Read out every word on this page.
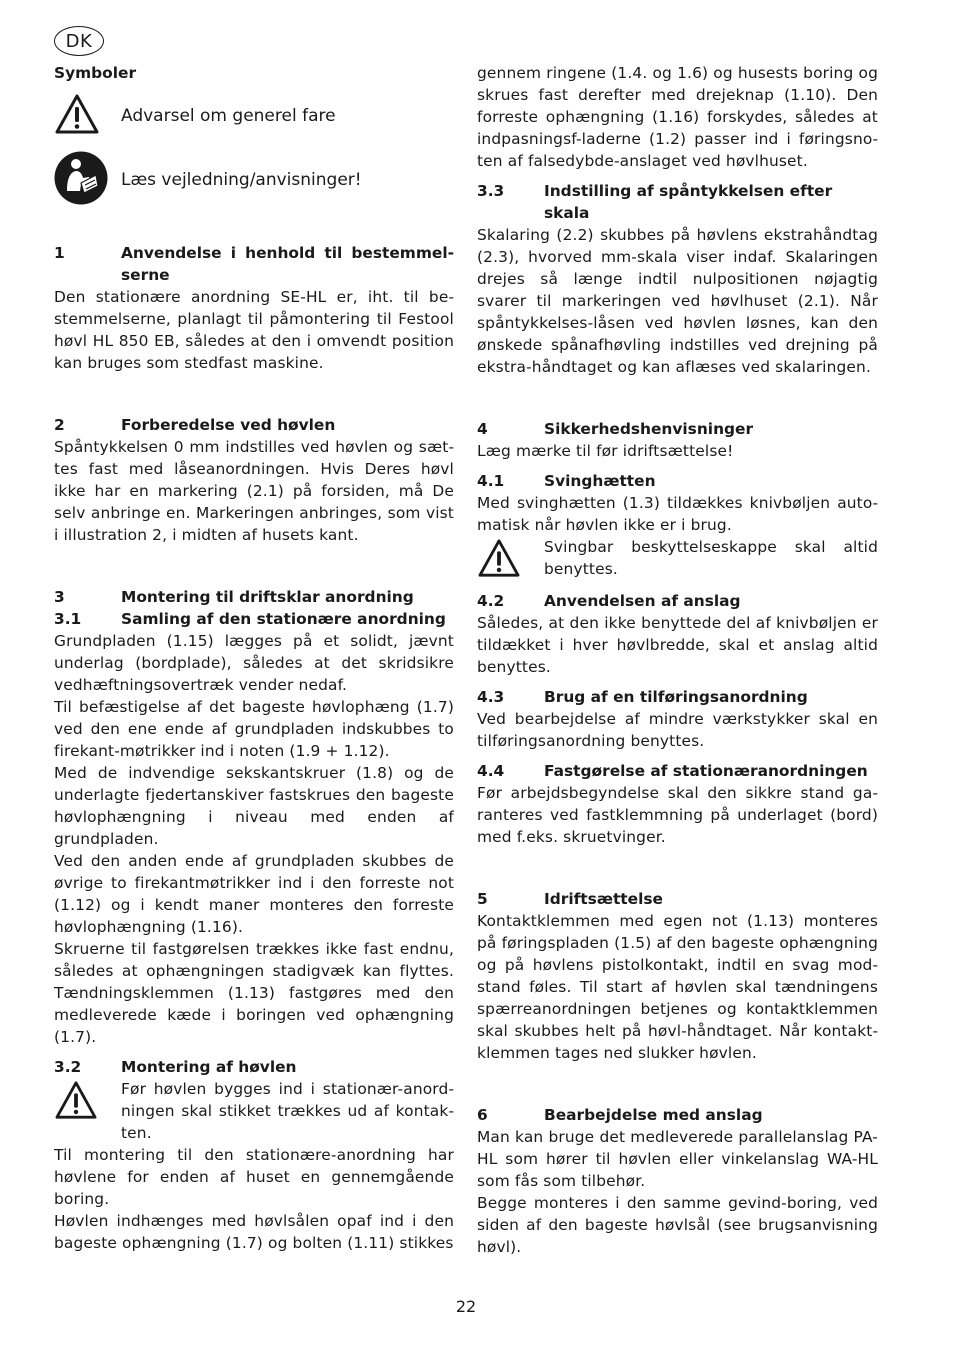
DK

Symboler

Advarsel om generel fare
Læs vejledning/anvisninger!
1	Anvendelse i henhold til bestemmelserne

Den stationære anordning SE-HL er, iht. til bestemmelserne, planlagt til påmontering til Festool høvl HL 850 EB, således at den i omvendt position kan bruges som stedfast maskine.

2	Forberedelse ved høvlen

Spåntykkelsen 0 mm indstilles ved høvlen og sættes fast med låseanordningen. Hvis Deres høvl ikke har en markering (2.1) på forsiden, må De selv anbringe en. Markeringen anbringes, som vist i illustration 2, i midten af husets kant.

3	Montering til driftsklar anordning
3.1	Samling af den stationære anordning

Grundpladen (1.15) lægges på et solidt, jævnt underlag (bordplade), således at det skridsikre vedhæftningsovertræk vender nedaf.

Til befæstigelse af det bageste høvlophæng (1.7) ved den ene ende af grundpladen indskubbes to firekant-møtrikker ind i noten (1.9 + 1.12).

Med de indvendige sekskantskruer (1.8) og de underlagte fjedertanskiver fastskrues den bageste høvlophængning i niveau med enden af grundpladen.

Ved den anden ende af grundpladen skubbes de øvrige to firekantmøtrikker ind i den forreste not (1.12) og i kendt maner monteres den forreste høvlophængning (1.16).

Skruerne til fastgørelsen trækkes ikke fast endnu, således at ophængningen stadigvæk kan flyttes. Tændningsklemmen (1.13) fastgøres med den medleverede kæde i boringen ved ophængning (1.7).

3.2	Montering af høvlen

Før høvlen bygges ind i stationær-anordningen skal stikket trækkes ud af kontakten.

Til montering til den stationære-anordning har høvlene for enden af huset en gennemgående boring.

Høvlen indhænges med høvlsålen opaf ind i den bageste ophængning (1.7) og bolten (1.11) stikkes

gennem ringene (1.4. og 1.6) og husests boring og skrues fast derefter med drejeknap (1.10). Den forreste ophængning (1.16) forskydes, således at indpasningsf-laderne (1.2) passer ind i føringsnoten af falsedybde-anslaget ved høvlhuset.

3.3	Indstilling af spåntykkelsen efter skala

Skalaring (2.2) skubbes på høvlens ekstrahåndtag (2.3), hvorved mm-skala viser indaf. Skalaringen drejes så længe indtil nulpositionen nøjagtig svarer til markeringen ved høvlhuset (2.1). Når spåntykkelses-låsen ved høvlen løsnes, kan den ønskede spånafhøvling indstilles ved drejning på ekstra-håndtaget og kan aflæses ved skalaringen.

4	Sikkerhedshenvisninger

Læg mærke til før idriftsættelse!

4.1	Svinghætten

Med svinghætten (1.3) tildækkes knivbøljen automatisk når høvlen ikke er i brug.

Svingbar beskyttelseskappe skal altid benyttes.

4.2	Anvendelsen af anslag

Således, at den ikke benyttede del af knivbøljen er tildækket i hver høvlbredde, skal et anslag altid benyttes.

4.3	Brug af en tilføringsanordning

Ved bearbejdelse af mindre værkstykker skal en tilføringsanordning benyttes.

4.4	Fastgørelse af stationæranordningen

Før arbejdsbegyndelse skal den sikkre stand garanteres ved fastklemmning på underlaget (bord) med f.eks. skruetvinger.

5	Idriftsættelse

Kontaktklemmen med egen not (1.13) monteres på føringspladen (1.5) af den bageste ophængning og på høvlens pistolkontakt, indtil en svag modstand føles. Til start af høvlen skal tændningens spærreanordningen betjenes og kontaktklemmen skal skubbes helt på høvl-håndtaget. Når kontaktklemmen tages ned slukker høvlen.

6	Bearbejdelse med anslag

Man kan bruge det medleverede parallelanslag PA-HL som hører til høvlen eller vinkelanslag WA-HL som fås som tilbehør.

Begge monteres i den samme gevind-boring, ved siden af den bageste høvlsål (see brugsanvisning høvl).

22
